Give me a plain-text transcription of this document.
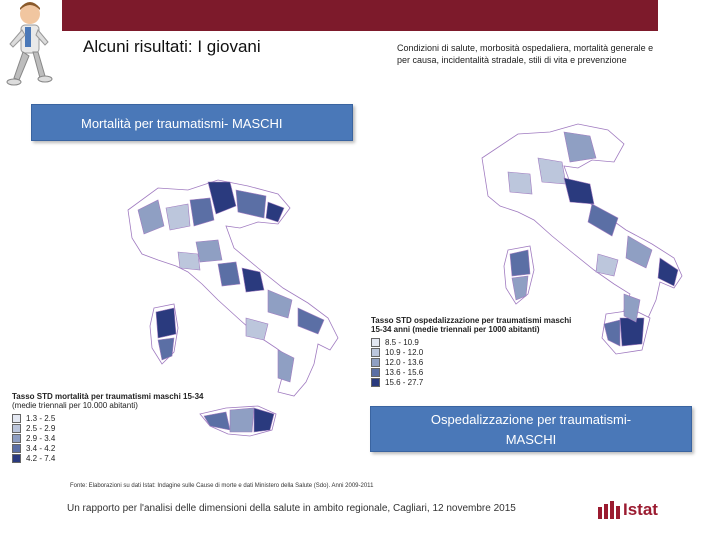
Alcuni risultati: I giovani	Condizioni di salute, morbosità ospedaliera, mortalità generale e per causa, incidentalità stradale, stili di vita e prevenzione
Mortalità per traumatismi- MASCHI
Tasso STD mortalità per traumatismi maschi 15-34
(medie triennali per 10.000 abitanti)
1.3 - 2.5
2.5 - 2.9
2.9 - 3.4
3.4 - 4.2
4.2 - 7.4
Tasso STD ospedalizzazione per traumatismi maschi 15-34 anni (medie triennali per 1000 abitanti)
8.5 - 10.9
10.9 - 12.0
12.0 - 13.6
13.6 - 15.6
15.6 - 27.7
Ospedalizzazione per traumatismi-MASCHI
Fonte: Elaborazioni su dati Istat: Indagine sulle Cause di morte e dati Ministero della Salute (Sdo). Anni 2009-2011
Un rapporto per l'analisi delle dimensioni della salute in ambito regionale, Cagliari, 12 novembre 2015	Istat
